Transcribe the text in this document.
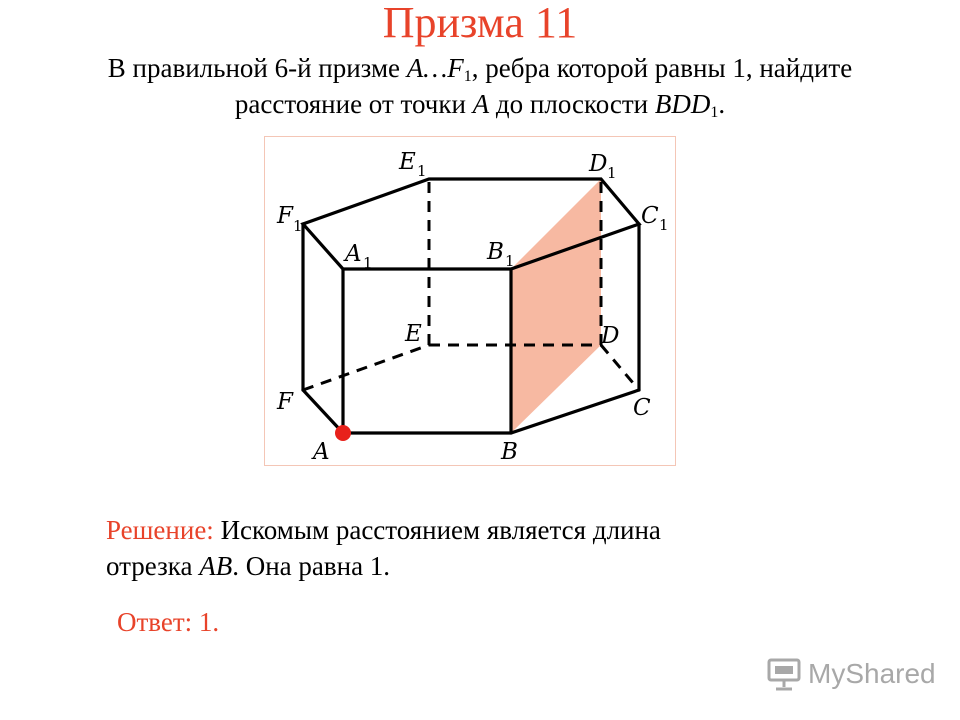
Призма 11
В правильной 6-й призме $A\dots F_1$, ребра которой равны 1, найдите
расстояние от точки A до плоскости $BDD_1$.
A	B
C
D
E
F
A 1	B 1
C 1
D 1
E 1
F 1
Решение: Искомым расстоянием является длина
отрезка AB. Она равна 1.
Ответ: 1.
MyShared
